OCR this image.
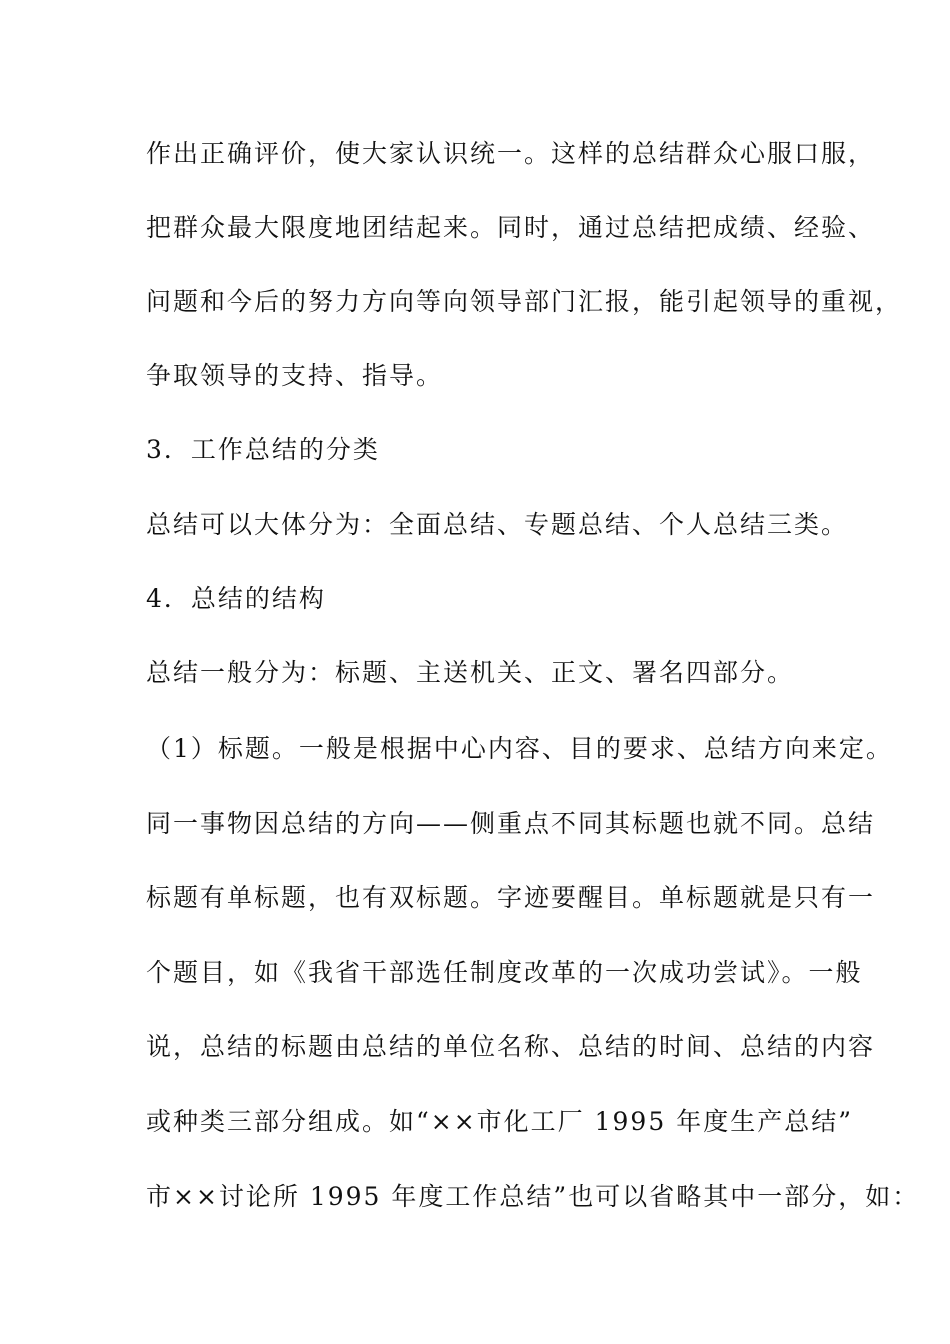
作出正确评价，使大家认识统一。这样的总结群众心服口服，
把群众最大限度地团结起来。同时，通过总结把成绩、经验、
问题和今后的努力方向等向领导部门汇报，能引起领导的重视，
争取领导的支持、指导。
3．工作总结的分类
总结可以大体分为：全面总结、专题总结、个人总结三类。
4．总结的结构
总结一般分为：标题、主送机关、正文、署名四部分。
（1）标题。一般是根据中心内容、目的要求、总结方向来定。
同一事物因总结的方向——侧重点不同其标题也就不同。总结
标题有单标题，也有双标题。字迹要醒目。单标题就是只有一
个题目，如《我省干部选任制度改革的一次成功尝试》。一般
说，总结的标题由总结的单位名称、总结的时间、总结的内容
或种类三部分组成。如“××市化工厂 1995 年度生产总结”
市××讨论所 1995 年度工作总结”也可以省略其中一部分，如：
